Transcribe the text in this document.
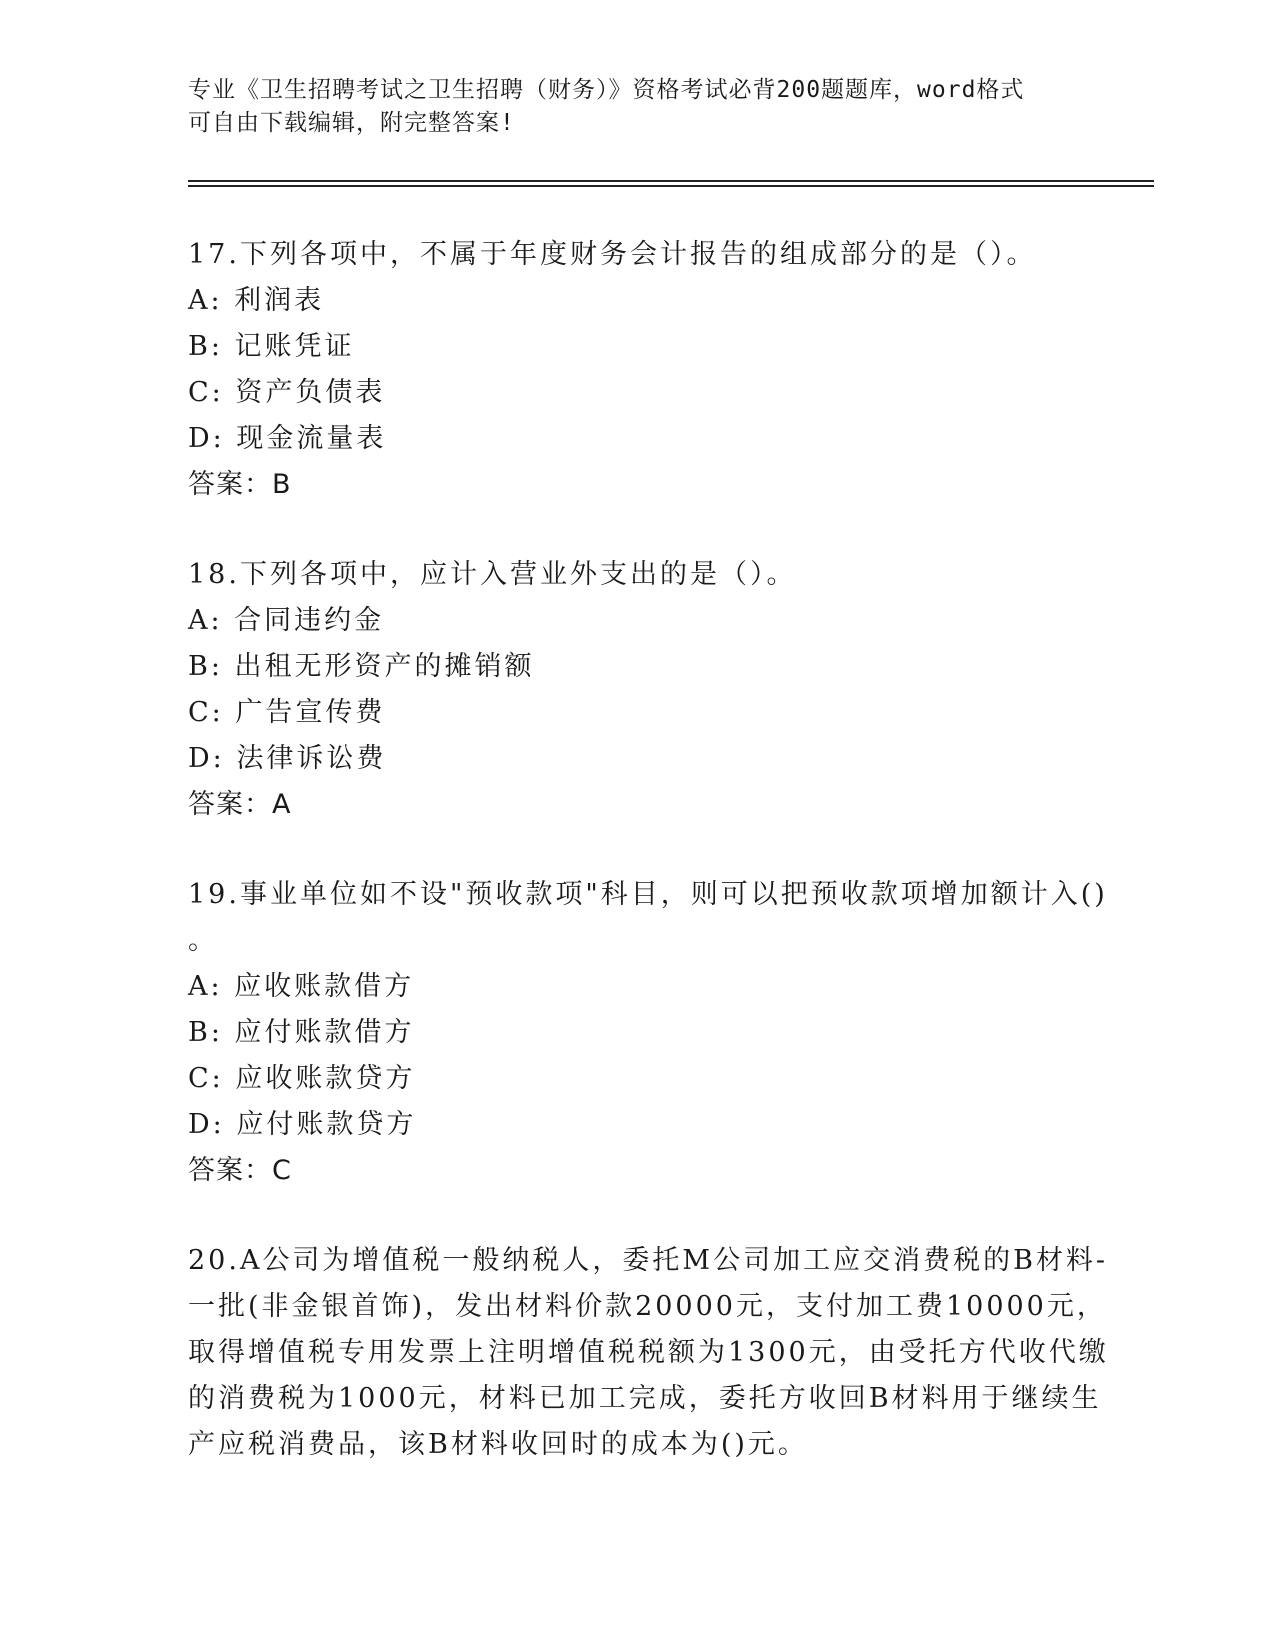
专业《卫生招聘考试之卫生招聘（财务）》资格考试必背200题题库，word格式
可自由下载编辑，附完整答案!
17.下列各项中，不属于年度财务会计报告的组成部分的是（）。
A: 利润表
B: 记账凭证
C: 资产负债表
D: 现金流量表
答案：B
18.下列各项中，应计入营业外支出的是（）。
A: 合同违约金
B: 出租无形资产的摊销额
C: 广告宣传费
D: 法律诉讼费
答案：A
19.事业单位如不设"预收款项"科目，则可以把预收款项增加额计入()
。
A: 应收账款借方
B: 应付账款借方
C: 应收账款贷方
D: 应付账款贷方
答案：C
20.A公司为增值税一般纳税人，委托M公司加工应交消费税的B材料-
一批(非金银首饰)，发出材料价款20000元，支付加工费10000元，
取得增值税专用发票上注明增值税税额为1300元，由受托方代收代缴
的消费税为1000元，材料已加工完成，委托方收回B材料用于继续生
产应税消费品，该B材料收回时的成本为()元。
